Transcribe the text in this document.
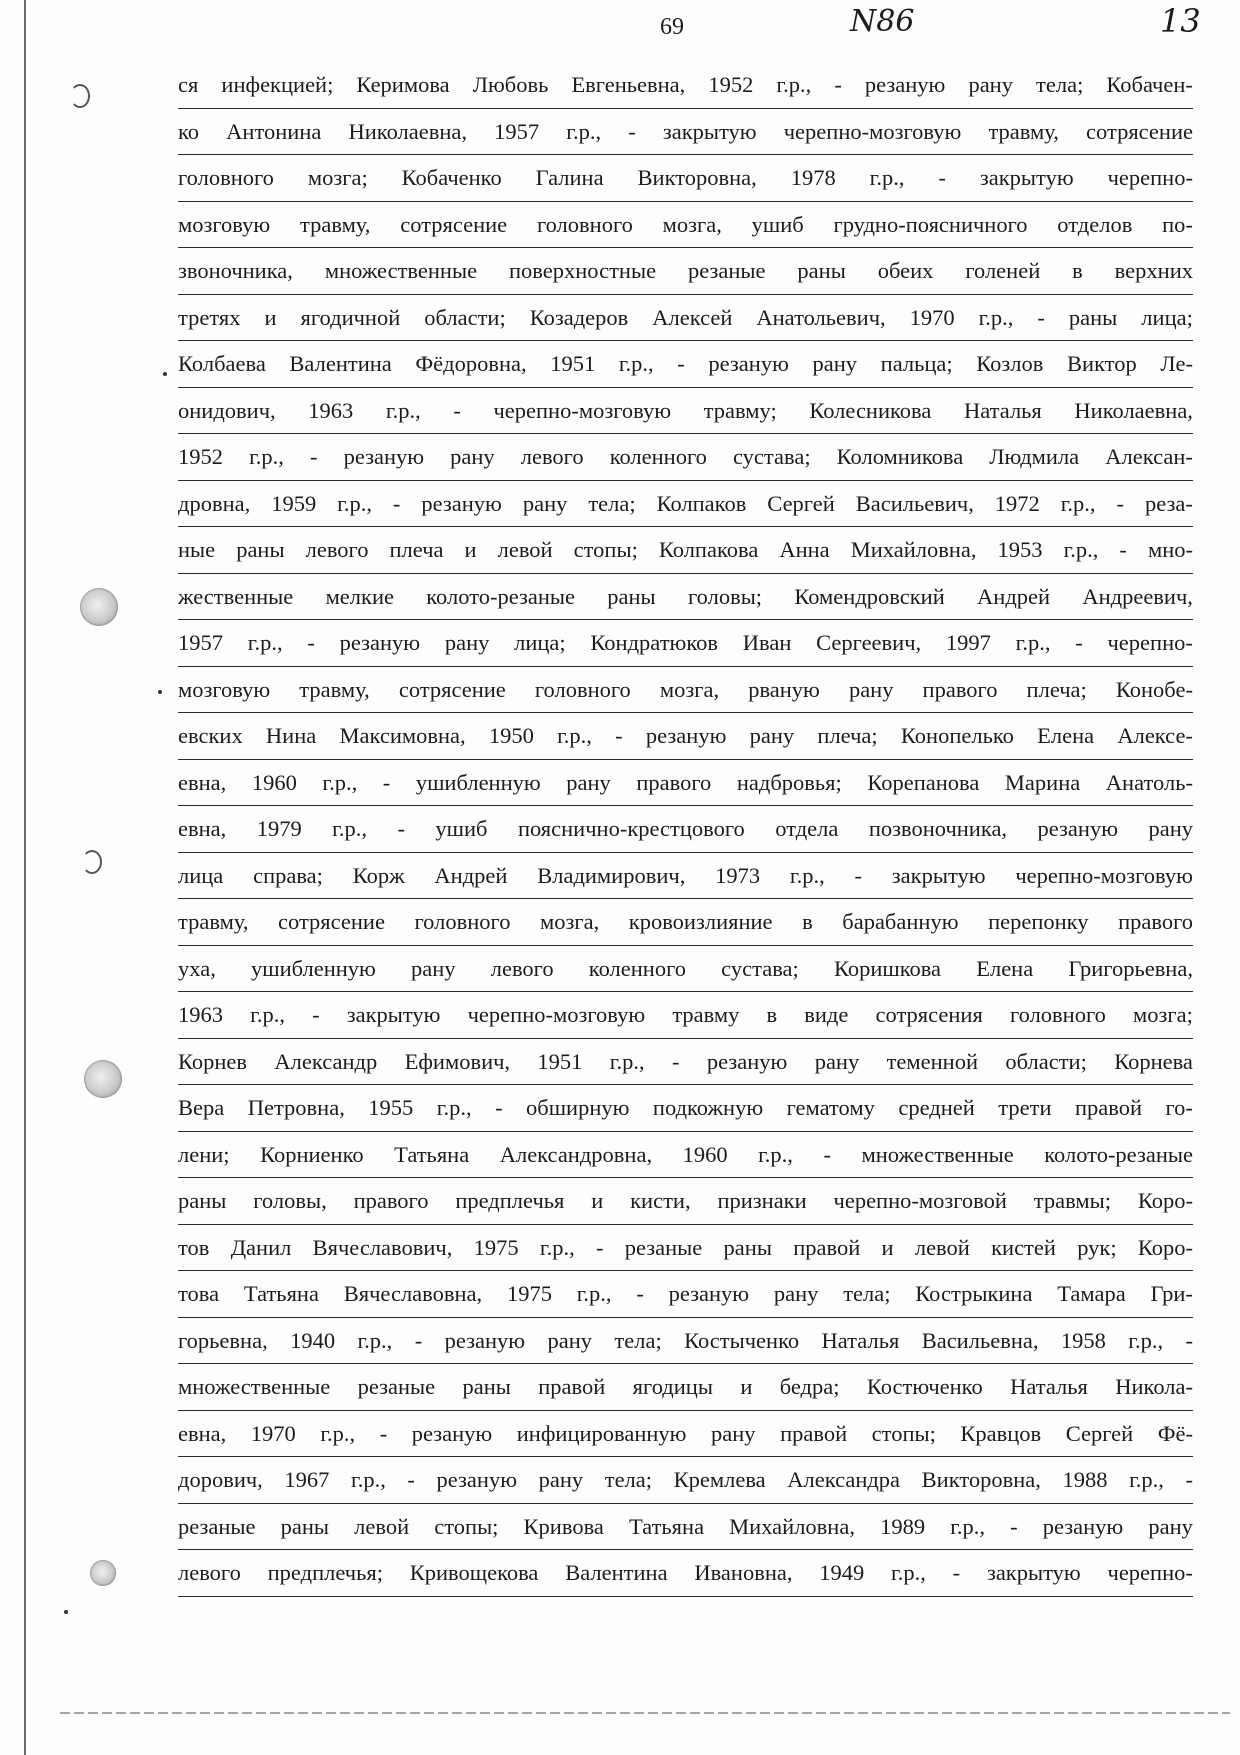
69	N86	13
ся инфекцией; Керимова Любовь Евгеньевна, 1952 г.р., - резаную рану тела; Кобачен-
ко Антонина Николаевна, 1957 г.р., - закрытую черепно-мозговую травму, сотрясение
головного мозга; Кобаченко Галина Викторовна, 1978 г.р., - закрытую черепно-
мозговую травму, сотрясение головного мозга, ушиб грудно-поясничного отделов по-
звоночника, множественные поверхностные резаные раны обеих голеней в верхних
третях и ягодичной области; Козадеров Алексей Анатольевич, 1970 г.р., - раны лица;
Колбаева Валентина Фёдоровна, 1951 г.р., - резаную рану пальца; Козлов Виктор Ле-
онидович, 1963 г.р., - черепно-мозговую травму; Колесникова Наталья Николаевна,
1952 г.р., - резаную рану левого коленного сустава; Коломникова Людмила Алексан-
дровна, 1959 г.р., - резаную рану тела; Колпаков Сергей Васильевич, 1972 г.р., - реза-
ные раны левого плеча и левой стопы; Колпакова Анна Михайловна, 1953 г.р., - мно-
жественные мелкие колото-резаные раны головы; Комендровский Андрей Андреевич,
1957 г.р., - резаную рану лица; Кондратюков Иван Сергеевич, 1997 г.р., - черепно-
мозговую травму, сотрясение головного мозга, рваную рану правого плеча; Конобе-
евских Нина Максимовна, 1950 г.р., - резаную рану плеча; Конопелько Елена Алексе-
евна, 1960 г.р., - ушибленную рану правого надбровья; Корепанова Марина Анатоль-
евна, 1979 г.р., - ушиб пояснично-крестцового отдела позвоночника, резаную рану
лица справа; Корж Андрей Владимирович, 1973 г.р., - закрытую черепно-мозговую
травму, сотрясение головного мозга, кровоизлияние в барабанную перепонку правого
уха, ушибленную рану левого коленного сустава; Коришкова Елена Григорьевна,
1963 г.р., - закрытую черепно-мозговую травму в виде сотрясения головного мозга;
Корнев Александр Ефимович, 1951 г.р., - резаную рану теменной области; Корнева
Вера Петровна, 1955 г.р., - обширную подкожную гематому средней трети правой го-
лени; Корниенко Татьяна Александровна, 1960 г.р., - множественные колото-резаные
раны головы, правого предплечья и кисти, признаки черепно-мозговой травмы; Коро-
тов Данил Вячеславович, 1975 г.р., - резаные раны правой и левой кистей рук; Коро-
това Татьяна Вячеславовна, 1975 г.р., - резаную рану тела; Кострыкина Тамара Гри-
горьевна, 1940 г.р., - резаную рану тела; Костыченко Наталья Васильевна, 1958 г.р., -
множественные резаные раны правой ягодицы и бедра; Костюченко Наталья Никола-
евна, 1970 г.р., - резаную инфицированную рану правой стопы; Кравцов Сергей Фё-
дорович, 1967 г.р., - резаную рану тела; Кремлева Александра Викторовна, 1988 г.р., -
резаные раны левой стопы; Кривова Татьяна Михайловна, 1989 г.р., - резаную рану
левого предплечья; Кривощекова Валентина Ивановна, 1949 г.р., - закрытую черепно-
